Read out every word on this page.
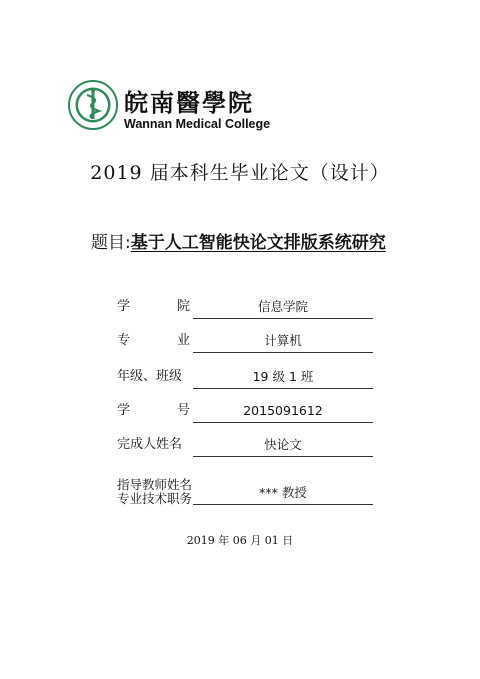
皖南醫學院
Wannan Medical College
2019 届本科生毕业论文（设计）
题目:基于人工智能快论文排版系统研究
学	院	信息学院
专	业	计算机
年级、班级	19 级 1 班
学	号	2015091612
完成人姓名	快论文
指导教师姓名
专业技术职务	*** 教授
2019 年 06 月 01 日
